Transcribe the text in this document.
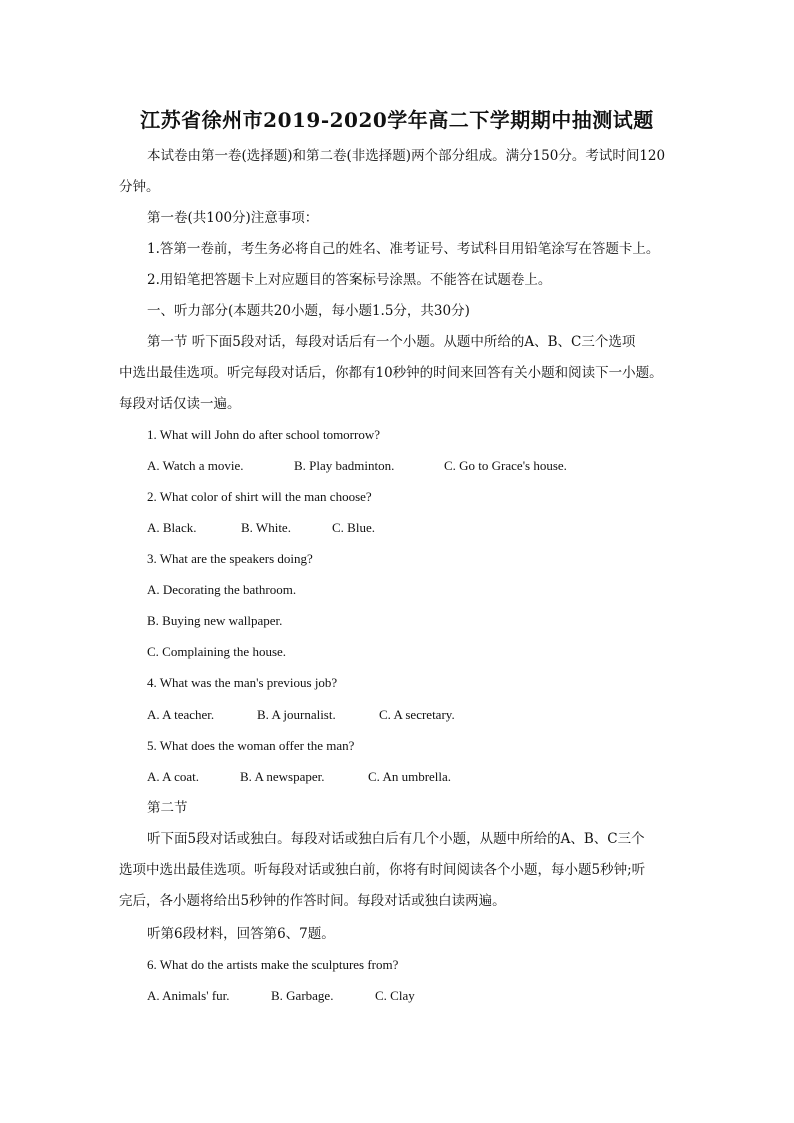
江苏省徐州市2019-2020学年高二下学期期中抽测试题
本试卷由第一卷(选择题)和第二卷(非选择题)两个部分组成。满分150分。考试时间120
分钟。
第一卷(共100分)注意事项：
1.答第一卷前，考生务必将自己的姓名、准考证号、考试科目用铅笔涂写在答题卡上。
2.用铅笔把答题卡上对应题目的答案标号涂黑。不能答在试题卷上。
一、听力部分(本题共20小题，每小题1.5分，共30分)
第一节 听下面5段对话，每段对话后有一个小题。从题中所给的A、B、C三个选项
中选出最佳选项。听完每段对话后，你都有10秒钟的时间来回答有关小题和阅读下一小题。
每段对话仅读一遍。
1. What will John do after school tomorrow?
A. Watch a movie.	B. Play badminton.	C. Go to Grace's house.
2. What color of shirt will the man choose?
A. Black.	B. White.	C. Blue.
3. What are the speakers doing?
A. Decorating the bathroom.
B. Buying new wallpaper.
C. Complaining the house.
4. What was the man's previous job?
A. A teacher.	B. A journalist.	C. A secretary.
5. What does the woman offer the man?
A. A coat.	B. A newspaper.	C. An umbrella.
第二节
听下面5段对话或独白。每段对话或独白后有几个小题，从题中所给的A、B、C三个
选项中选出最佳选项。听每段对话或独白前，你将有时间阅读各个小题，每小题5秒钟;听
完后，各小题将给出5秒钟的作答时间。每段对话或独白读两遍。
听第6段材料，回答第6、7题。
6. What do the artists make the sculptures from?
A. Animals' fur.	B. Garbage.	C. Clay
